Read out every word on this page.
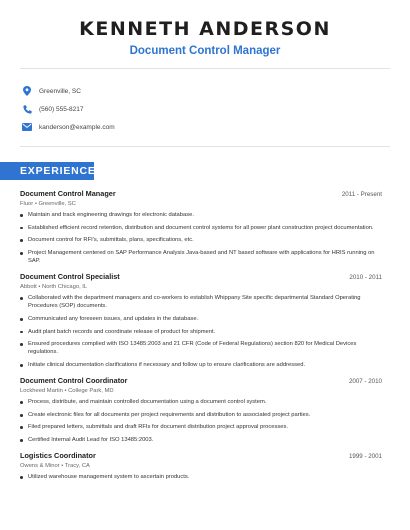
KENNETH ANDERSON
Document Control Manager
Greenville, SC
(560) 555-8217
kanderson@example.com
EXPERIENCE
Document Control Manager	2011 - Present
Fluor • Greenville, SC
Maintain and track engineering drawings for electronic database.
Established efficient record retention, distribution and document control systems for all power plant construction project documentation.
Document control for RFI's, submittals, plans, specifications, etc.
Project Management centered on SAP Performance Analysis Java-based and NT based software with applications for HRIS running on SAP.
Document Control Specialist	2010 - 2011
Abbott • North Chicago, IL
Collaborated with the department managers and co-workers to establish Whippany Site specific departmental Standard Operating Procedures (SOP) documents.
Communicated any foreseen issues, and updates in the database.
Audit plant batch records and coordinate release of product for shipment.
Ensured procedures complied with ISO 13485:2003 and 21 CFR (Code of Federal Regulations) section 820 for Medical Devices regulations.
Initiate clinical documentation clarifications if necessary and follow up to ensure clarifications are addressed.
Document Control Coordinator	2007 - 2010
Lockheed Martin • College Park, MD
Process, distribute, and maintain controlled documentation using a document control system.
Create electronic files for all documents per project requirements and distribution to associated project parties.
Filed prepared letters, submittals and draft RFIs for document distribution project approval processes.
Certified Internal Audit Lead for ISO 13485:2003.
Logistics Coordinator	1999 - 2001
Owens & Minor • Tracy, CA
Utilized warehouse management system to ascertain products.
